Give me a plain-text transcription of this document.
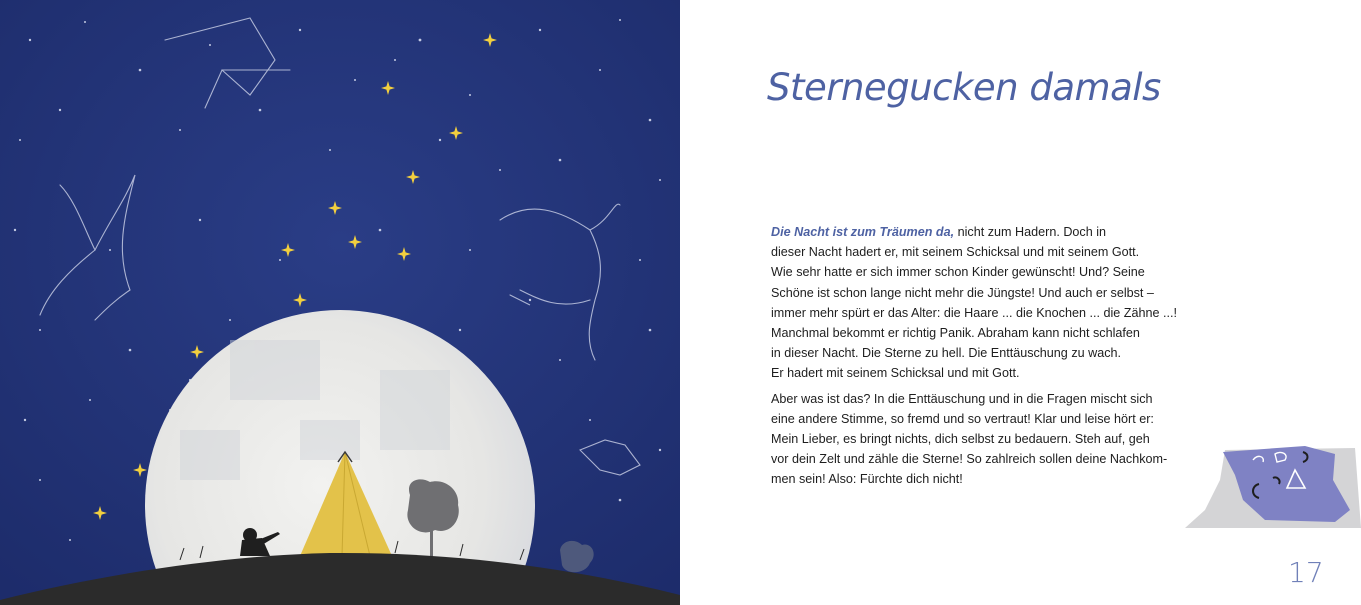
Sternegucken damals

Die Nacht ist zum Träumen da, nicht zum Hadern. Doch in
dieser Nacht hadert er, mit seinem Schicksal und mit seinem Gott.
Wie sehr hatte er sich immer schon Kinder gewünscht! Und? Seine
Schöne ist schon lange nicht mehr die Jüngste! Und auch er selbst –
immer mehr spürt er das Alter: die Haare ... die Knochen ... die Zähne ...!
Manchmal bekommt er richtig Panik. Abraham kann nicht schlafen
in dieser Nacht. Die Sterne zu hell. Die Enttäuschung zu wach.
Er hadert mit seinem Schicksal und mit Gott.

Aber was ist das? In die Enttäuschung und in die Fragen mischt sich
eine andere Stimme, so fremd und so vertraut! Klar und leise hört er:
Mein Lieber, es bringt nichts, dich selbst zu bedauern. Steh auf, geh
vor dein Zelt und zähle die Sterne! So zahlreich sollen deine Nachkom-
men sein! Also: Fürchte dich nicht!

17
